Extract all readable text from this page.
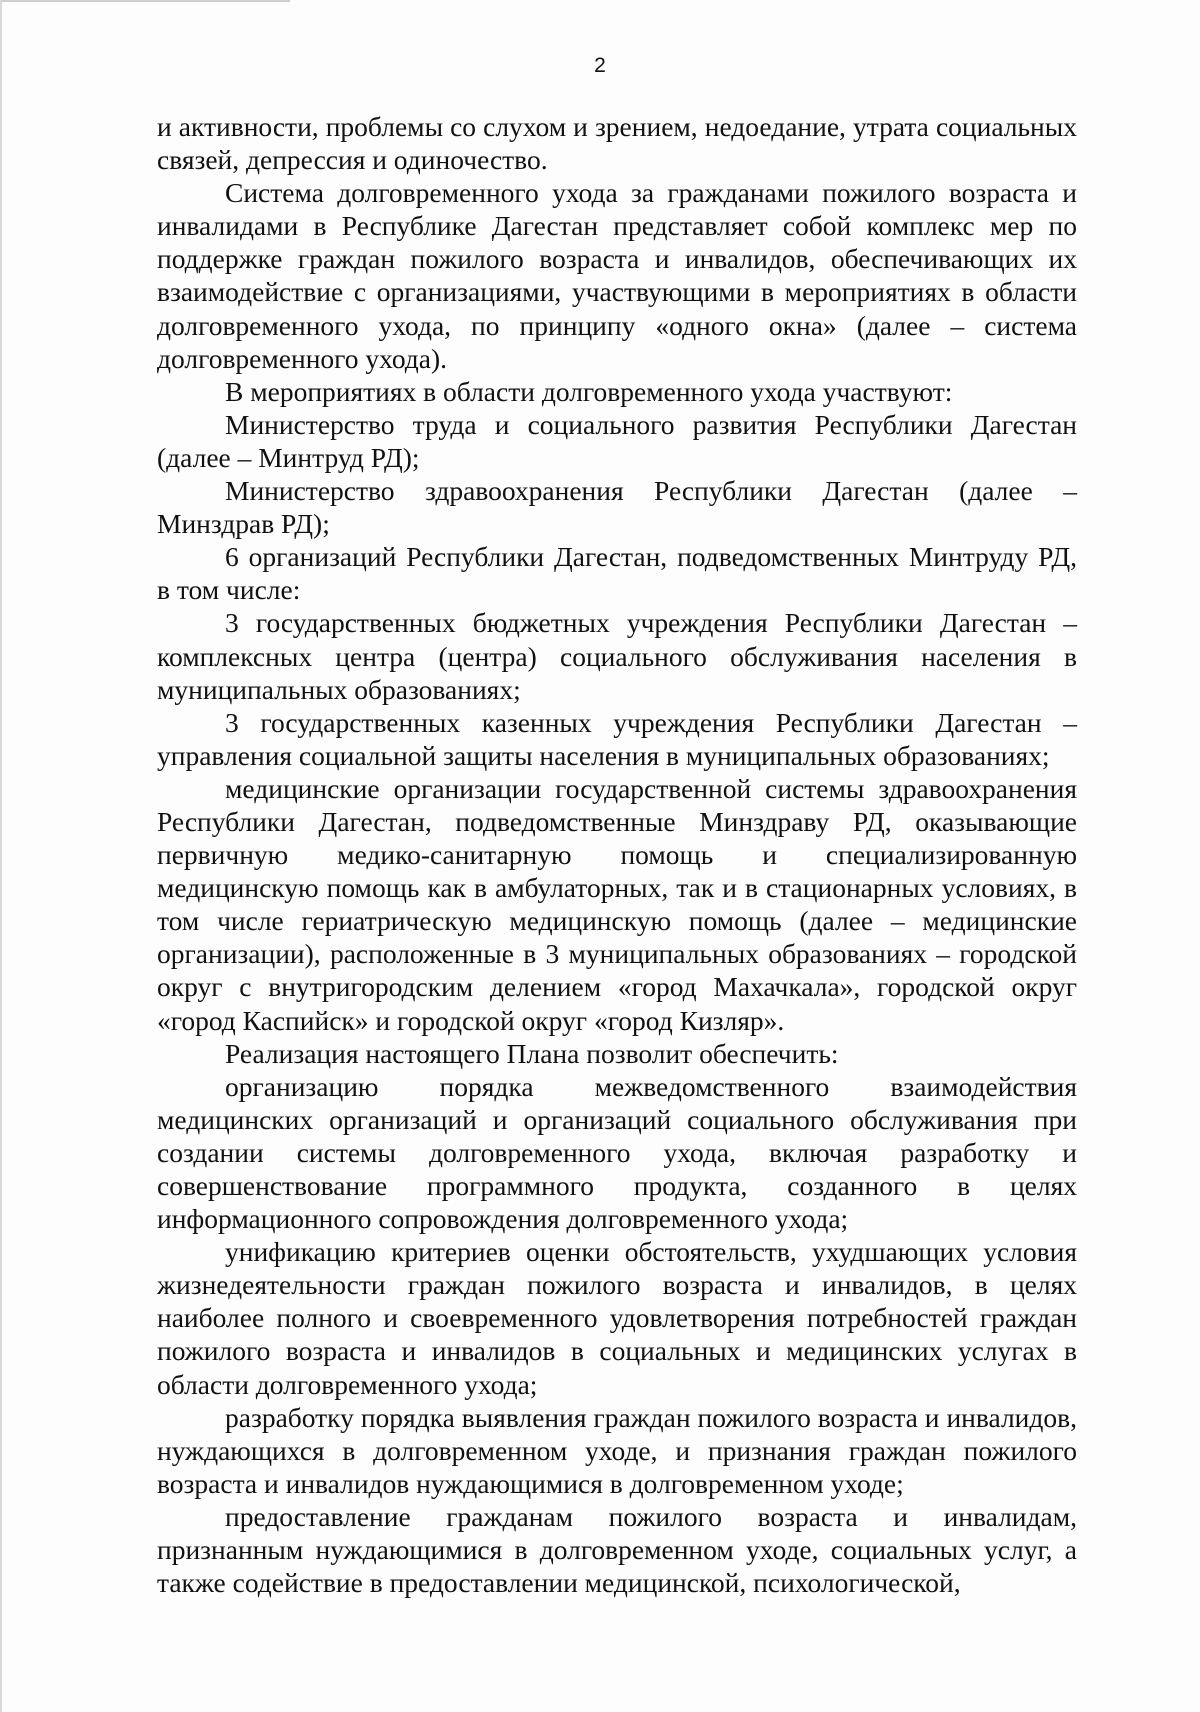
2

и активности, проблемы со слухом и зрением, недоедание, утрата социальных связей, депрессия и одиночество.

Система долговременного ухода за гражданами пожилого возраста и инвалидами в Республике Дагестан представляет собой комплекс мер по поддержке граждан пожилого возраста и инвалидов, обеспечивающих их взаимодействие с организациями, участвующими в мероприятиях в области долговременного ухода, по принципу «одного окна» (далее – система долговременного ухода).

В мероприятиях в области долговременного ухода участвуют:

Министерство труда и социального развития Республики Дагестан (далее – Минтруд РД);

Министерство здравоохранения Республики Дагестан (далее – Минздрав РД);

6 организаций Республики Дагестан, подведомственных Минтруду РД, в том числе:

3 государственных бюджетных учреждения Республики Дагестан – комплексных центра (центра) социального обслуживания населения в муниципальных образованиях;

3 государственных казенных учреждения Республики Дагестан – управления социальной защиты населения в муниципальных образованиях;

медицинские организации государственной системы здравоохранения Республики Дагестан, подведомственные Минздраву РД, оказывающие первичную медико-санитарную помощь и специализированную медицинскую помощь как в амбулаторных, так и в стационарных условиях, в том числе гериатрическую медицинскую помощь (далее – медицинские организации), расположенные в 3 муниципальных образованиях – городской округ с внутригородским делением «город Махачкала», городской округ «город Каспийск» и городской округ «город Кизляр».

Реализация настоящего Плана позволит обеспечить:

организацию порядка межведомственного взаимодействия медицинских организаций и организаций социального обслуживания при создании системы долговременного ухода, включая разработку и совершенствование программного продукта, созданного в целях информационного сопровождения долговременного ухода;

унификацию критериев оценки обстоятельств, ухудшающих условия жизнедеятельности граждан пожилого возраста и инвалидов, в целях наиболее полного и своевременного удовлетворения потребностей граждан пожилого возраста и инвалидов в социальных и медицинских услугах в области долговременного ухода;

разработку порядка выявления граждан пожилого возраста и инвалидов, нуждающихся в долговременном уходе, и признания граждан пожилого возраста и инвалидов нуждающимися в долговременном уходе;

предоставление гражданам пожилого возраста и инвалидам, признанным нуждающимися в долговременном уходе, социальных услуг, а также содействие в предоставлении медицинской, психологической,
